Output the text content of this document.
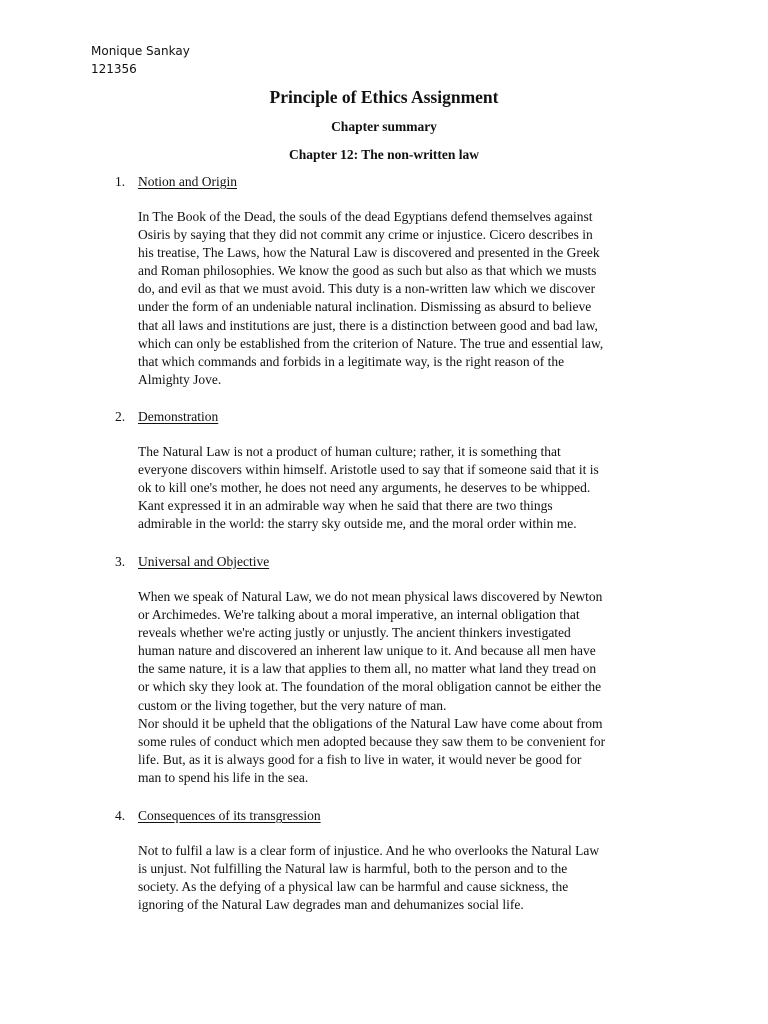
Monique Sankay
121356
Principle of Ethics Assignment
Chapter summary
Chapter 12: The non-written law
1. Notion and Origin
In The Book of the Dead, the souls of the dead Egyptians defend themselves against
Osiris by saying that they did not commit any crime or injustice. Cicero describes in
his treatise, The Laws, how the Natural Law is discovered and presented in the Greek
and Roman philosophies. We know the good as such but also as that which we musts
do, and evil as that we must avoid. This duty is a non-written law which we discover
under the form of an undeniable natural inclination. Dismissing as absurd to believe
that all laws and institutions are just, there is a distinction between good and bad law,
which can only be established from the criterion of Nature. The true and essential law,
that which commands and forbids in a legitimate way, is the right reason of the
Almighty Jove.
2. Demonstration
The Natural Law is not a product of human culture; rather, it is something that
everyone discovers within himself. Aristotle used to say that if someone said that it is
ok to kill one's mother, he does not need any arguments, he deserves to be whipped.
Kant expressed it in an admirable way when he said that there are two things
admirable in the world: the starry sky outside me, and the moral order within me.
3. Universal and Objective
When we speak of Natural Law, we do not mean physical laws discovered by Newton
or Archimedes. We're talking about a moral imperative, an internal obligation that
reveals whether we're acting justly or unjustly. The ancient thinkers investigated
human nature and discovered an inherent law unique to it. And because all men have
the same nature, it is a law that applies to them all, no matter what land they tread on
or which sky they look at. The foundation of the moral obligation cannot be either the
custom or the living together, but the very nature of man.
Nor should it be upheld that the obligations of the Natural Law have come about from
some rules of conduct which men adopted because they saw them to be convenient for
life. But, as it is always good for a fish to live in water, it would never be good for
man to spend his life in the sea.
4. Consequences of its transgression
Not to fulfil a law is a clear form of injustice. And he who overlooks the Natural Law
is unjust. Not fulfilling the Natural law is harmful, both to the person and to the
society. As the defying of a physical law can be harmful and cause sickness, the
ignoring of the Natural Law degrades man and dehumanizes social life.
